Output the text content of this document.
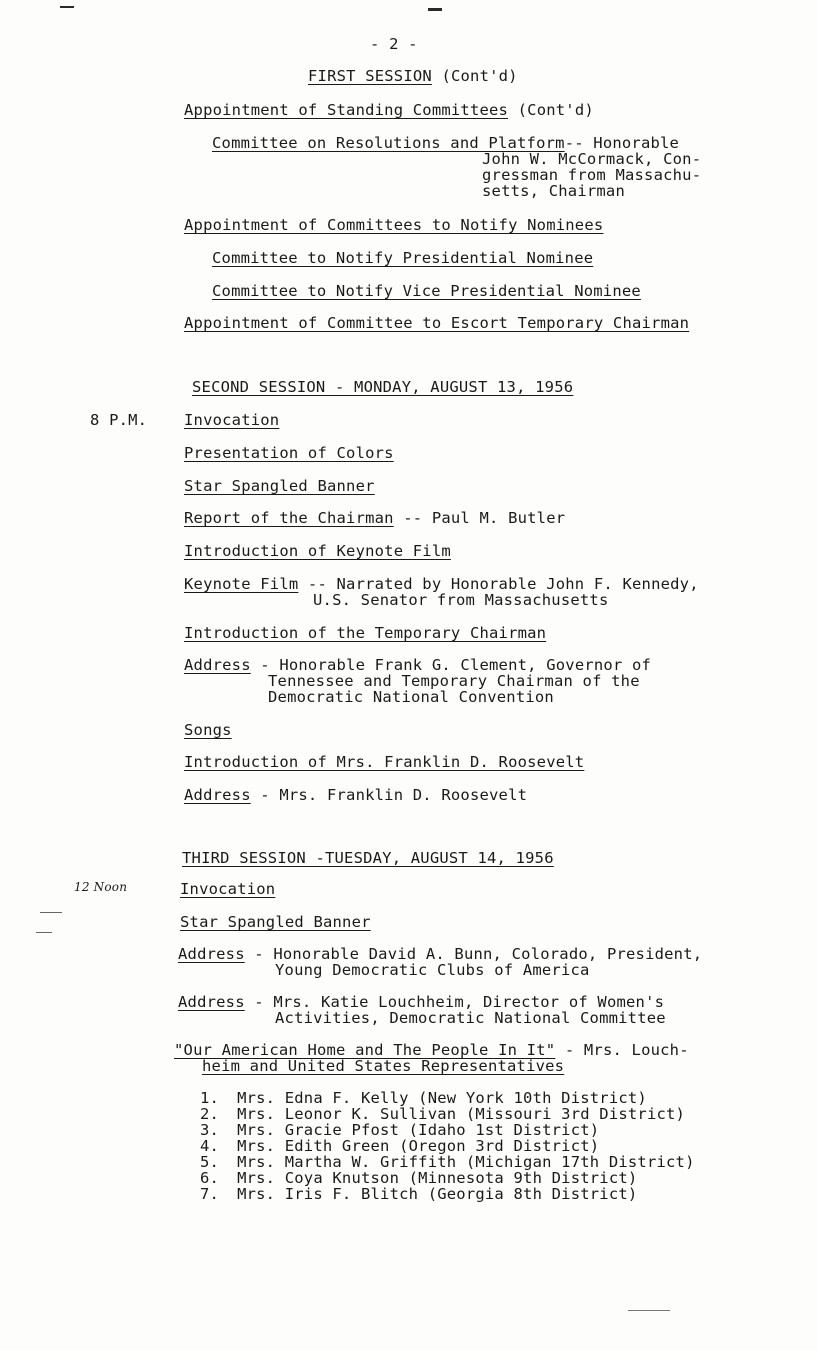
- 2 -
FIRST SESSION (Cont'd)
Appointment of Standing Committees (Cont'd)
Committee on Resolutions and Platform-- Honorable
John W. McCormack, Con-
gressman from Massachu-
setts, Chairman
Appointment of Committees to Notify Nominees
Committee to Notify Presidential Nominee
Committee to Notify Vice Presidential Nominee
Appointment of Committee to Escort Temporary Chairman
SECOND SESSION - MONDAY, AUGUST 13, 1956
8 P.M. Invocation
Presentation of Colors
Star Spangled Banner
Report of the Chairman -- Paul M. Butler
Introduction of Keynote Film
Keynote Film -- Narrated by Honorable John F. Kennedy,
U.S. Senator from Massachusetts
Introduction of the Temporary Chairman
Address - Honorable Frank G. Clement, Governor of
Tennessee and Temporary Chairman of the
Democratic National Convention
Songs
Introduction of Mrs. Franklin D. Roosevelt
Address - Mrs. Franklin D. Roosevelt
THIRD SESSION -TUESDAY, AUGUST 14, 1956
12 Noon	Invocation
Star Spangled Banner
Address - Honorable David A. Bunn, Colorado, President,
Young Democratic Clubs of America
Address - Mrs. Katie Louchheim, Director of Women's
Activities, Democratic National Committee
"Our American Home and The People In It" - Mrs. Louch-
heim and United States Representatives
1. Mrs. Edna F. Kelly (New York 10th District)
2. Mrs. Leonor K. Sullivan (Missouri 3rd District)
3. Mrs. Gracie Pfost (Idaho 1st District)
4. Mrs. Edith Green (Oregon 3rd District)
5. Mrs. Martha W. Griffith (Michigan 17th District)
6. Mrs. Coya Knutson (Minnesota 9th District)
7. Mrs. Iris F. Blitch (Georgia 8th District)
